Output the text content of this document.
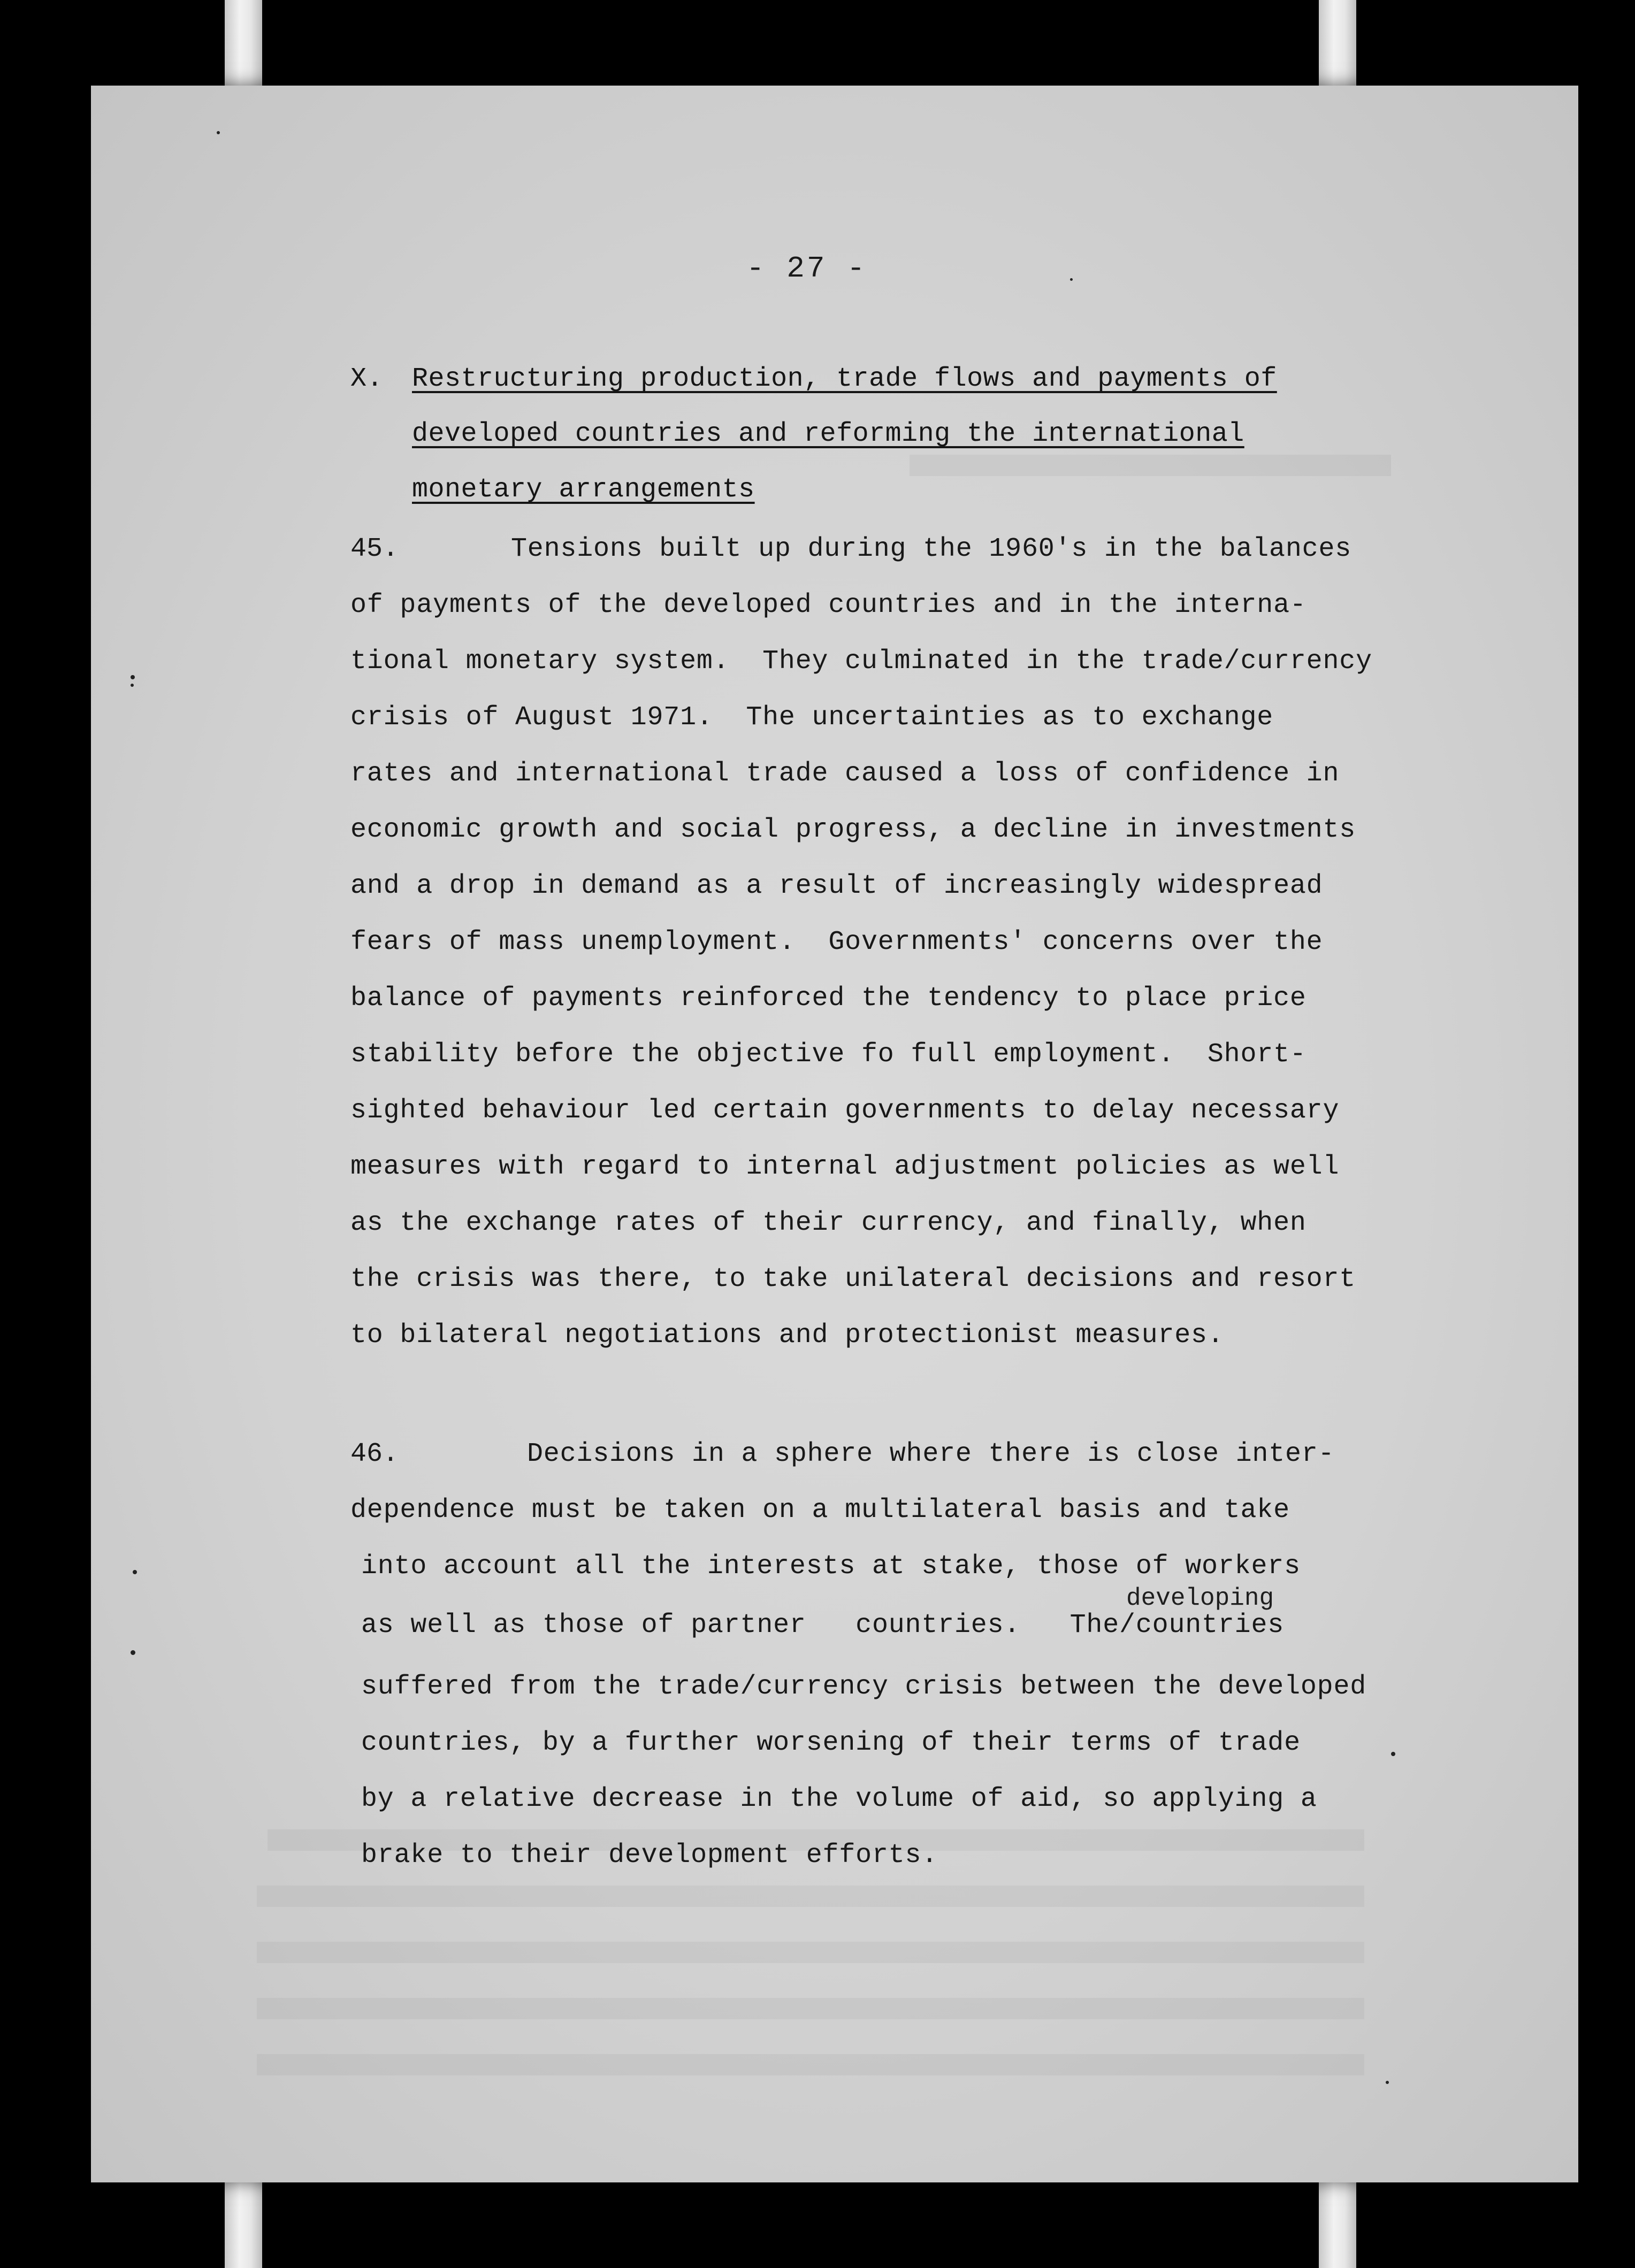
- 27 -
X. Restructuring production, trade flows and payments of
developed countries and reforming the international
monetary arrangements
45.	Tensions built up during the 1960's in the balances
of payments of the developed countries and in the interna-
tional monetary system.  They culminated in the trade/currency
crisis of August 1971.  The uncertainties as to exchange
rates and international trade caused a loss of confidence in
economic growth and social progress, a decline in investments
and a drop in demand as a result of increasingly widespread
fears of mass unemployment.  Governments' concerns over the
balance of payments reinforced the tendency to place price
stability before the objective fo full employment.  Short-
sighted behaviour led certain governments to delay necessary
measures with regard to internal adjustment policies as well
as the exchange rates of their currency, and finally, when
the crisis was there, to take unilateral decisions and resort
to bilateral negotiations and protectionist measures.
46.	Decisions in a sphere where there is close inter-
dependence must be taken on a multilateral basis and take
into account all the interests at stake, those of workers
developing
as well as those of partner   countries.   The/countries
suffered from the trade/currency crisis between the developed
countries, by a further worsening of their terms of trade
by a relative decrease in the volume of aid, so applying a
brake to their development efforts.
